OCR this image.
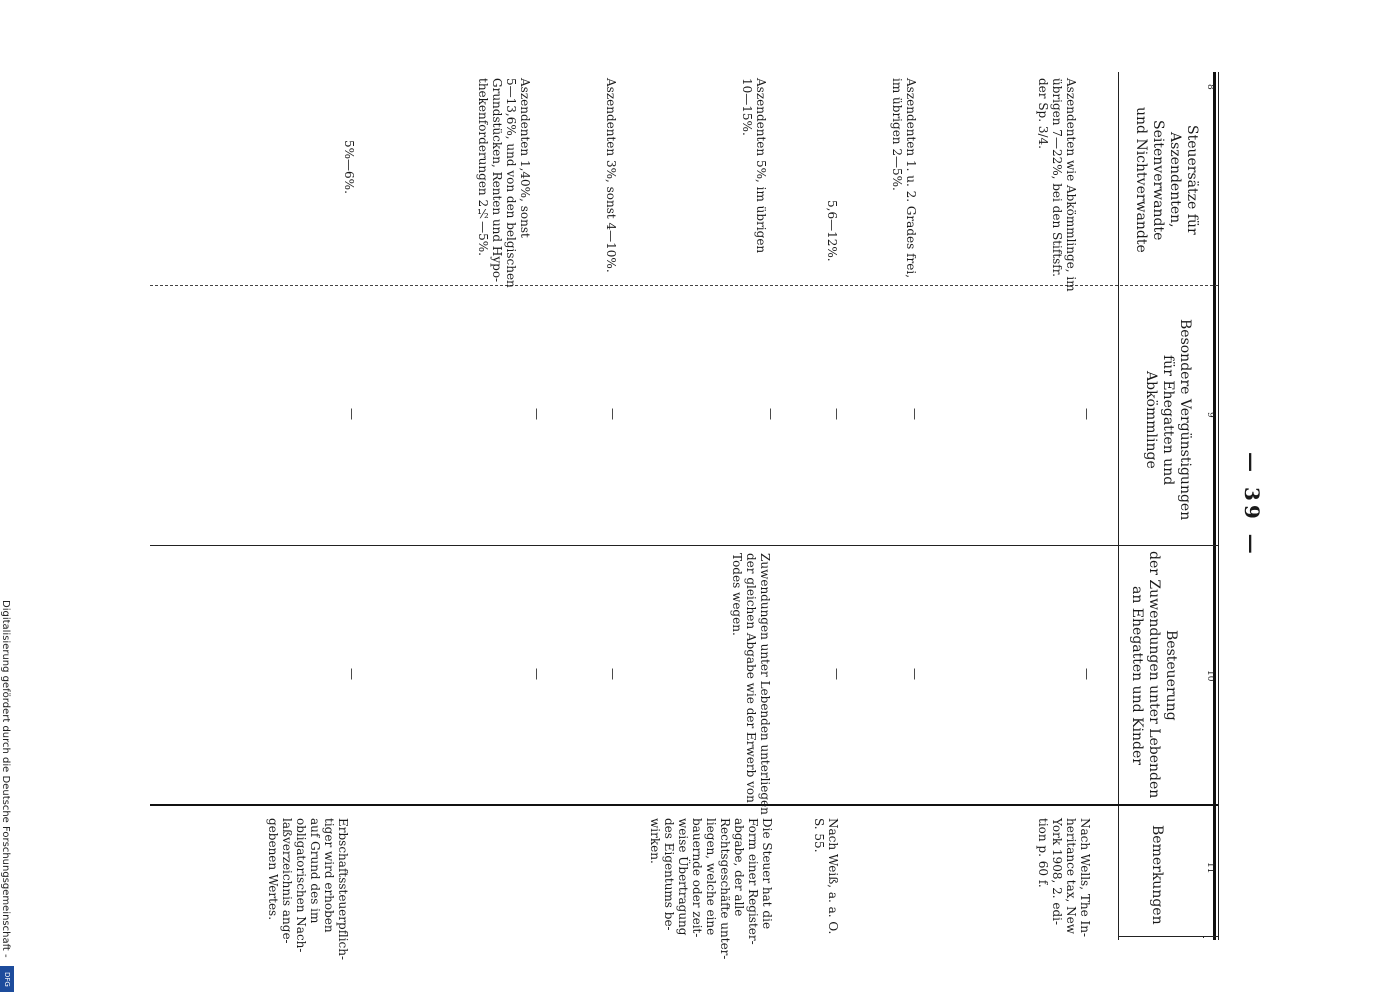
8
9
10
11
Steuersätze für Aszendenten,
Seitenverwandte
und Nichtverwandte
Besondere Vergünstigungen
für Ehegatten und Abkömmlinge
Besteuerung
der Zuwendungen unter Lebenden
an Ehegatten und Kinder
Bemerkungen
— 39 —
Aszendenten wie Abkömmlinge, im
übrigen 7—22%, bei den Stiftsfr.
der Sp. 3/4.
—
—
Nach Wells, The In-
heritance tax, New
York 1908, 2. edi-
tion p. 60 f.
Aszendenten 1. u. 2. Grades frei,
im übrigen 2—5%.
—
—
5,6—12%.
—
—
Nach Weiß, a. a. O.
S. 55.
Aszendenten 5%, im übrigen
10—15%.
—
Zuwendungen unter Lebenden unterliegen
der gleichen Abgabe wie der Erwerb von
Todes wegen.
Die Steuer hat die
Form einer Register-
abgabe, der alle
Rechtsgeschäfte unter-
liegen, welche eine
bauernde oder zeit-
weise Übertragung
des Eigentums be-
wirken.
Aszendenten 3%, sonst 4—10%.
—
—
Aszendenten 1,40%, sonst
5—13,6%, und von den belgischen
Grundstücken, Renten und Hypo-
thekenforderungen 2½—5%.
—
—
5%—6%.
—
—
Erbschaftssteuerpflich-
tiger wird erhoben
auf Grund des im
obligatorischen Nach-
laßverzeichnis ange-
gebenen Wertes.
Digitalisierung gefördert durch die Deutsche Forschungsgemeinschaft -
DFG
